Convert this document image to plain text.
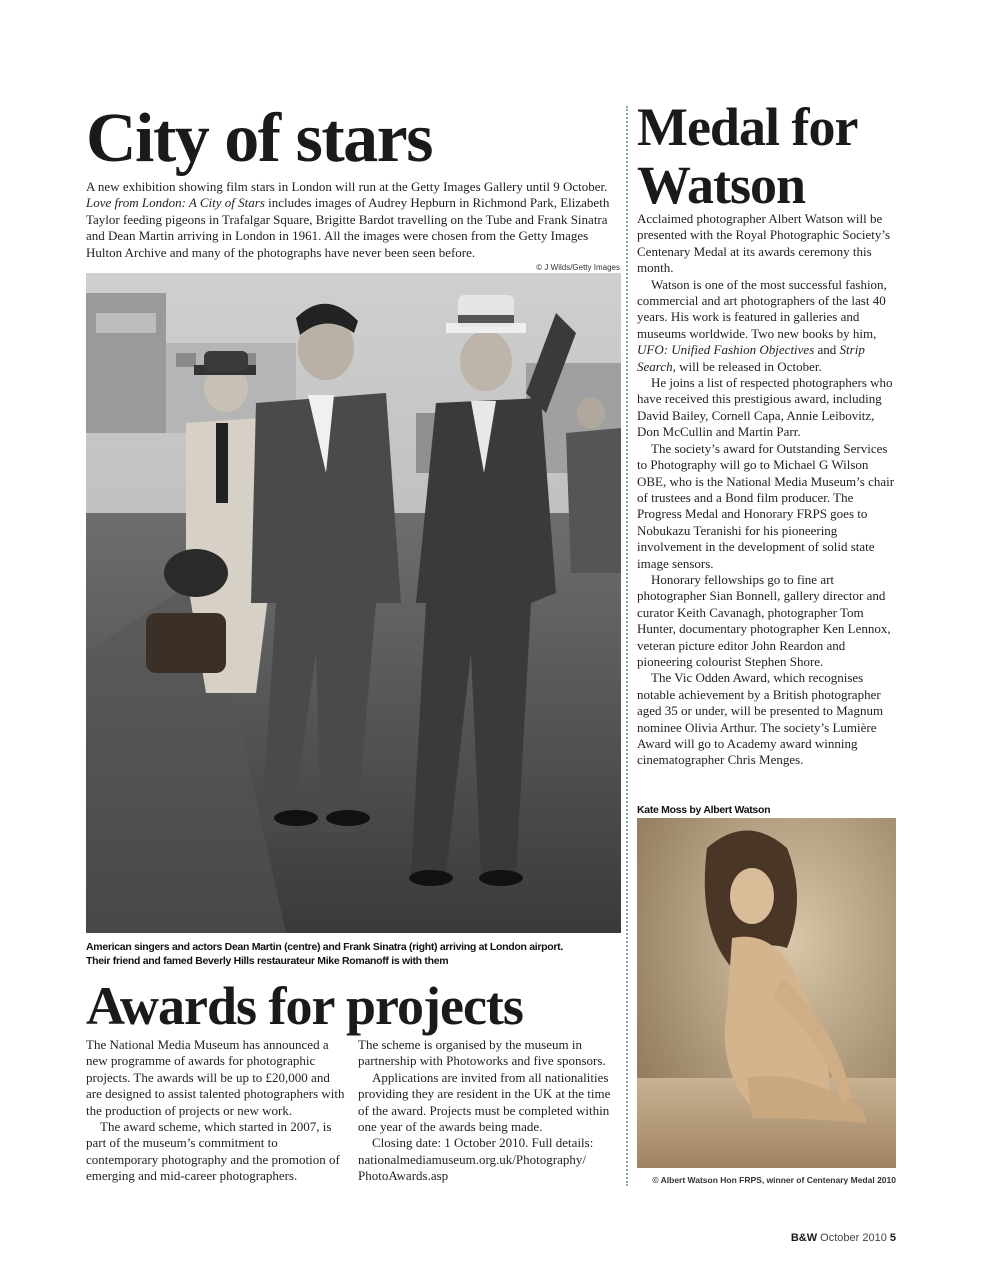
City of stars
A new exhibition showing film stars in London will run at the Getty Images Gallery until 9 October. Love from London: A City of Stars includes images of Audrey Hepburn in Richmond Park, Elizabeth Taylor feeding pigeons in Trafalgar Square, Brigitte Bardot travelling on the Tube and Frank Sinatra and Dean Martin arriving in London in 1961. All the images were chosen from the Getty Images Hulton Archive and many of the photographs have never been seen before.
© J Wilds/Getty Images
American singers and actors Dean Martin (centre) and Frank Sinatra (right) arriving at London airport.
Their friend and famed Beverly Hills restaurateur Mike Romanoff is with them
Awards for projects

The National Media Museum has announced a new programme of awards for photographic projects. The awards will be up to £20,000 and are designed to assist talented photographers with the production of projects or new work.

The award scheme, which started in 2007, is part of the museum’s commitment to contemporary photography and the promotion of emerging and mid-career photographers.

The scheme is organised by the museum in partnership with Photoworks and five sponsors.

Applications are invited from all nationalities providing they are resident in the UK at the time of the award. Projects must be completed within one year of the awards being made.

Closing date: 1 October 2010. Full details:

nationalmediamuseum.org.uk/Photography/

PhotoAwards.asp

Medal for
Watson

Acclaimed photographer Albert Watson will be presented with the Royal Photographic Society’s Centenary Medal at its awards ceremony this month.

Watson is one of the most successful fashion, commercial and art photographers of the last 40 years. His work is featured in galleries and museums worldwide. Two new books by him, UFO: Unified Fashion Objectives and Strip Search, will be released in October.

He joins a list of respected photographers who have received this prestigious award, including David Bailey, Cornell Capa, Annie Leibovitz, Don McCullin and Martin Parr.

The society’s award for Outstanding Services to Photography will go to Michael G Wilson OBE, who is the National Media Museum’s chair of trustees and a Bond film producer. The Progress Medal and Honorary FRPS goes to Nobukazu Teranishi for his pioneering involvement in the development of solid state image sensors.

Honorary fellowships go to fine art photographer Sian Bonnell, gallery director and curator Keith Cavanagh, photographer Tom Hunter, documentary photographer Ken Lennox, veteran picture editor John Reardon and pioneering colourist Stephen Shore.

The Vic Odden Award, which recognises notable achievement by a British photographer aged 35 or under, will be presented to Magnum nominee Olivia Arthur. The society’s Lumière Award will go to Academy award winning cinematographer Chris Menges.

Kate Moss by Albert Watson
© Albert Watson Hon FRPS, winner of Centenary Medal 2010
B&W October 2010 5
